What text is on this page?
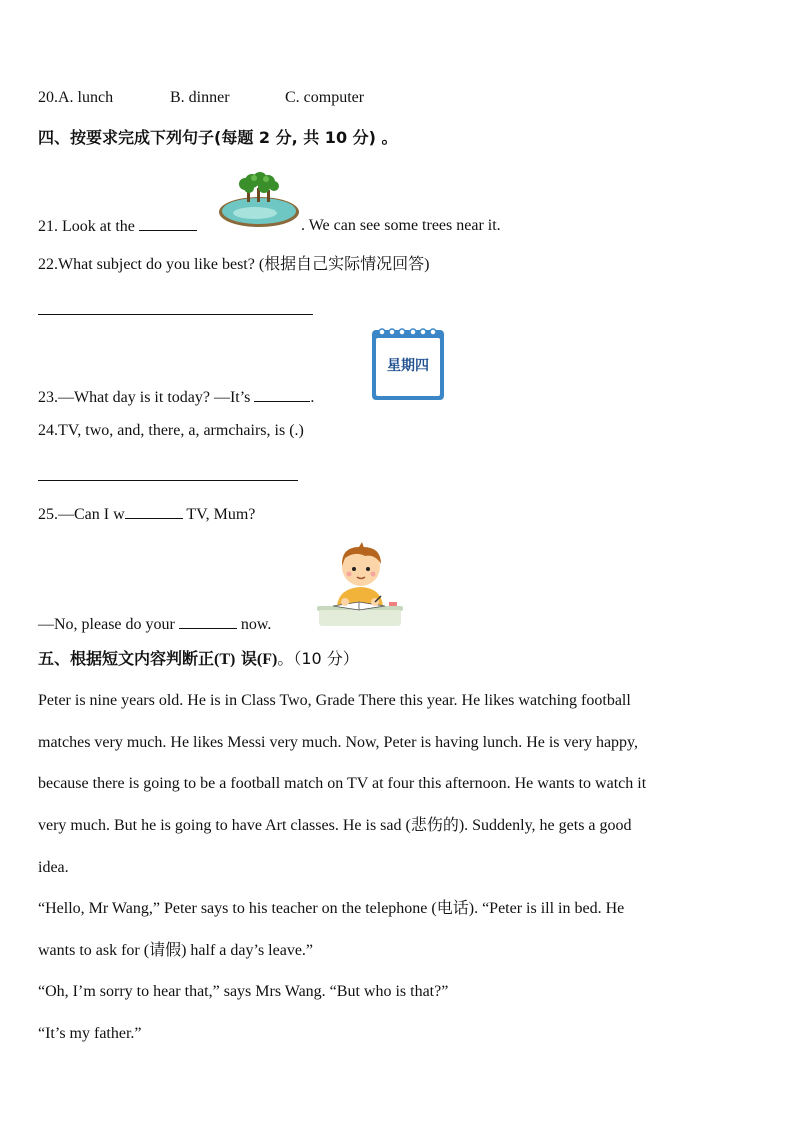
20.A. lunch	B. dinner	C. computer
四、按要求完成下列句子(每题 2 分, 共 10 分) 。
21. Look at the	. We can see some trees near it.
22.What subject do you like best? (根据自己实际情况回答)
星期四
23.—What day is it today? —It’s	.
24.TV, two, and, there, a, armchairs, is (.)
25.—Can I w	TV, Mum?
—No, please do your	now.
五、根据短文内容判断正(T) 误(F)。（10 分）
Peter is nine years old. He is in Class Two, Grade There this year. He likes watching football
matches very much. He likes Messi very much. Now, Peter is having lunch. He is very happy,
because there is going to be a football match on TV at four this afternoon. He wants to watch it
very much. But he is going to have Art classes. He is sad (悲伤的). Suddenly, he gets a good
idea.
“Hello, Mr Wang,” Peter says to his teacher on the telephone (电话). “Peter is ill in bed. He
wants to ask for (请假) half a day’s leave.”
“Oh, I’m sorry to hear that,” says Mrs Wang. “But who is that?”
“It’s my father.”
